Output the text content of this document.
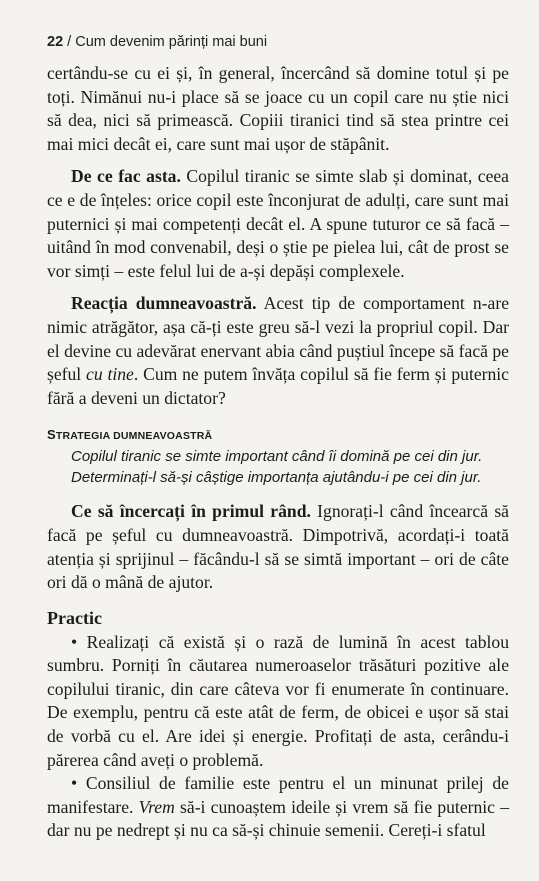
22 / Cum devenim părinți mai buni

certându-se cu ei și, în general, încercând să domine totul și pe toți. Nimănui nu-i place să se joace cu un copil care nu știe nici să dea, nici să primească. Copiii tiranici tind să stea printre cei mai mici decât ei, care sunt mai ușor de stăpânit.

De ce fac asta. Copilul tiranic se simte slab și dominat, ceea ce e de înțeles: orice copil este înconjurat de adulți, care sunt mai puternici și mai competenți decât el. A spune tuturor ce să facă – uitând în mod convenabil, deși o știe pe pielea lui, cât de prost se vor simți – este felul lui de a-și depăși complexele.

Reacția dumneavoastră. Acest tip de comportament n-are nimic atrăgător, așa că-ți este greu să-l vezi la propriul copil. Dar el devine cu adevărat enervant abia când puștiul începe să facă pe șeful cu tine. Cum ne putem învăța copilul să fie ferm și puternic fără a deveni un dictator?

STRATEGIA DUMNEAVOASTRĂ
Copilul tiranic se simte important când îi domină pe cei din jur.
Determinați-l să-și câștige importanța ajutându-i pe cei din jur.

Ce să încercați în primul rând. Ignorați-l când încearcă să facă pe șeful cu dumneavoastră. Dimpotrivă, acordați-i toată atenția și sprijinul – făcându-l să se simtă important – ori de câte ori dă o mână de ajutor.

Practic

• Realizați că există și o rază de lumină în acest tablou sumbru. Porniți în căutarea numeroaselor trăsături pozitive ale copilului tiranic, din care câteva vor fi enumerate în continuare. De exemplu, pentru că este atât de ferm, de obicei e ușor să stai de vorbă cu el. Are idei și energie. Profitați de asta, cerându-i părerea când aveți o problemă.

• Consiliul de familie este pentru el un minunat prilej de manifestare. Vrem să-i cunoaștem ideile și vrem să fie puternic – dar nu pe nedrept și nu ca să-și chinuie semenii. Cereți-i sfatul
